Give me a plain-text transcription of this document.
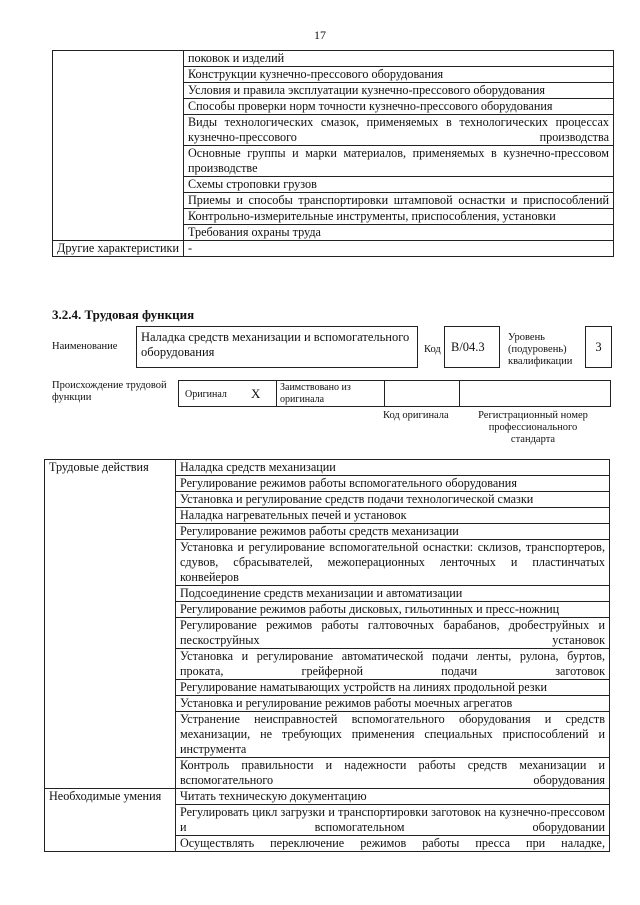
17
	поковок и изделий
	Конструкции кузнечно-прессового оборудования
	Условия и правила эксплуатации кузнечно-прессового оборудования
	Способы проверки норм точности кузнечно-прессового оборудования
	Виды технологических смазок, применяемых в технологических процессах кузнечно-прессового производства
	Основные группы и марки материалов, применяемых в кузнечно-прессовом производстве
	Схемы строповки грузов
	Приемы и способы транспортировки штамповой оснастки и приспособлений
	Контрольно-измерительные инструменты, приспособления, установки
	Требования охраны труда
Другие характеристики	-
3.2.4. Трудовая функция
Наименование
Наладка средств механизации и вспомогательного оборудования	Код B/04.3
Уровень (подуровень) квалификации
3
Происхождение трудовой функции	Оригинал X Заимствовано из оригинала
Код оригинала	Регистрационный номер профессионального стандарта
Трудовые действия	Наладка средств механизации
	Регулирование режимов работы вспомогательного оборудования
	Установка и регулирование средств подачи технологической смазки
	Наладка нагревательных печей и установок
	Регулирование режимов работы средств механизации
	Установка и регулирование вспомогательной оснастки: склизов, транспортеров, сдувов, сбрасывателей, межоперационных ленточных и пластинчатых конвейеров
	Подсоединение средств механизации и автоматизации
	Регулирование режимов работы дисковых, гильотинных и пресс-ножниц
	Регулирование режимов работы галтовочных барабанов, дробеструйных и пескоструйных установок
	Установка и регулирование автоматической подачи ленты, рулона, буртов, проката, грейферной подачи заготовок
	Регулирование наматывающих устройств на линиях продольной резки
	Установка и регулирование режимов работы моечных агрегатов
	Устранение неисправностей вспомогательного оборудования и средств механизации, не требующих применения специальных приспособлений и инструмента
	Контроль правильности и надежности работы средств механизации и вспомогательного оборудования
Необходимые умения	Читать техническую документацию
	Регулировать цикл загрузки и транспортировки заготовок на кузнечно-прессовом и вспомогательном оборудовании
	Осуществлять переключение режимов работы пресса при наладке,
